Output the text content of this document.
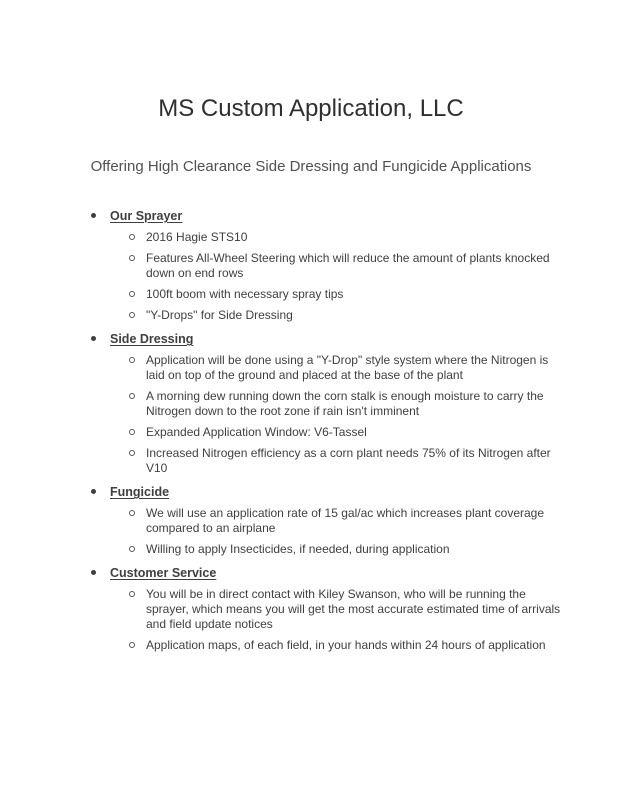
MS Custom Application, LLC
Offering High Clearance Side Dressing and Fungicide Applications
Our Sprayer
2016 Hagie STS10
Features All-Wheel Steering which will reduce the amount of plants knocked down on end rows
100ft boom with necessary spray tips
"Y-Drops" for Side Dressing
Side Dressing
Application will be done using a "Y-Drop" style system where the Nitrogen is laid on top of the ground and placed at the base of the plant
A morning dew running down the corn stalk is enough moisture to carry the Nitrogen down to the root zone if rain isn't imminent
Expanded Application Window: V6-Tassel
Increased Nitrogen efficiency as a corn plant needs 75% of its Nitrogen after V10
Fungicide
We will use an application rate of 15 gal/ac which increases plant coverage compared to an airplane
Willing to apply Insecticides, if needed, during application
Customer Service
You will be in direct contact with Kiley Swanson, who will be running the sprayer, which means you will get the most accurate estimated time of arrivals and field update notices
Application maps, of each field, in your hands within 24 hours of application
